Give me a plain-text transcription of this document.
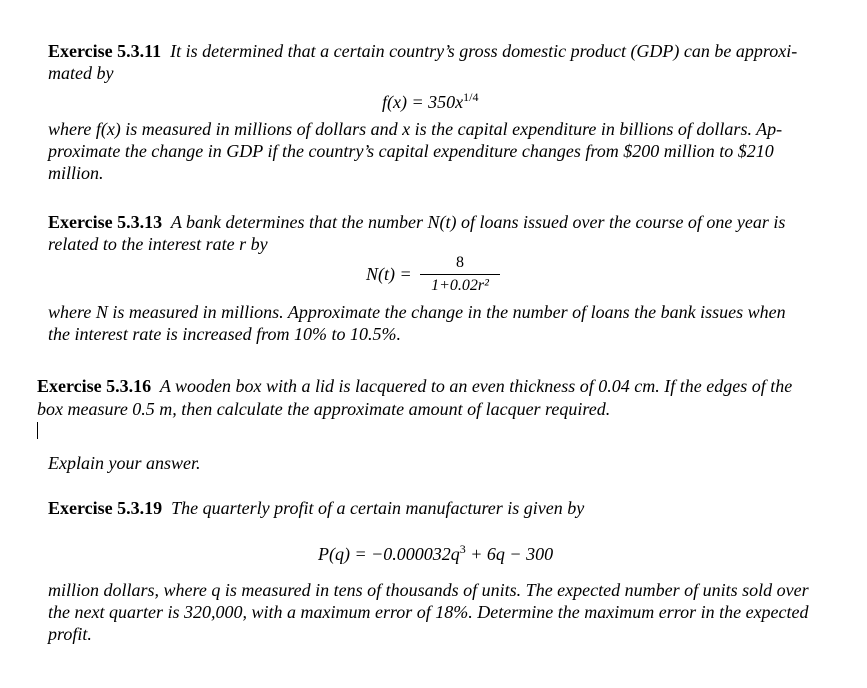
Exercise 5.3.11 It is determined that a certain country’s gross domestic product (GDP) can be approxi-
mated by
$f(x) = 350x^{1/4}$
where f(x) is measured in millions of dollars and x is the capital expenditure in billions of dollars. Ap-
proximate the change in GDP if the country’s capital expenditure changes from $200 million to $210
million.
Exercise 5.3.13 A bank determines that the number N(t) of loans issued over the course of one year is
related to the interest rate r by
N(t) =
8
1+0.02r²
where N is measured in millions. Approximate the change in the number of loans the bank issues when
the interest rate is increased from 10% to 10.5%.
Exercise 5.3.16 A wooden box with a lid is lacquered to an even thickness of 0.04 cm. If the edges of the
box measure 0.5 m, then calculate the approximate amount of lacquer required.
Explain your answer.
Exercise 5.3.19 The quarterly profit of a certain manufacturer is given by
$P(q) = -0.000032q^3 + 6q - 300$
million dollars, where q is measured in tens of thousands of units. The expected number of units sold over
the next quarter is 320,000, with a maximum error of 18%. Determine the maximum error in the expected
profit.
